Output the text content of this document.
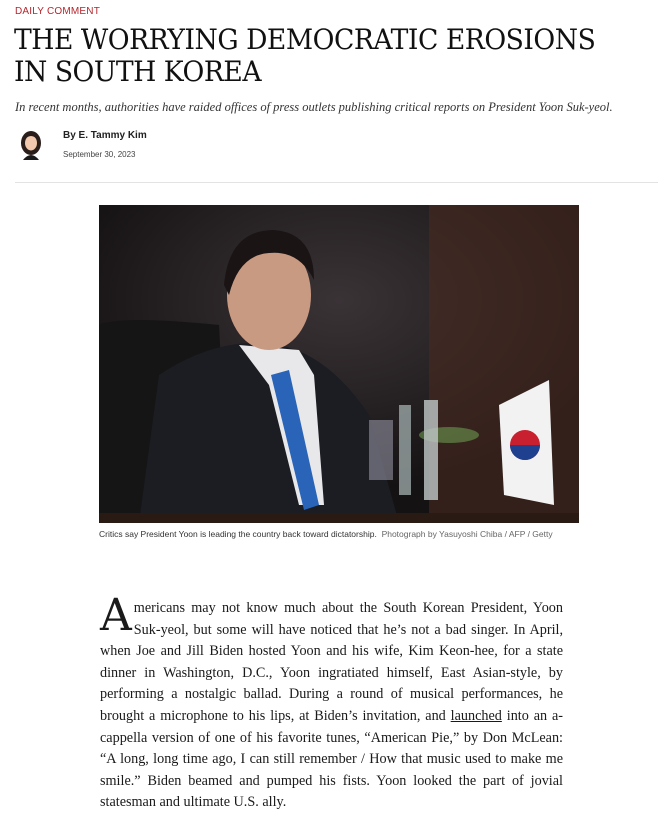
DAILY COMMENT
THE WORRYING DEMOCRATIC EROSIONS IN SOUTH KOREA
In recent months, authorities have raided offices of press outlets publishing critical reports on President Yoon Suk-yeol.
By E. Tammy Kim
September 30, 2023
Critics say President Yoon is leading the country back toward dictatorship. Photograph by Yasuyoshi Chiba / AFP / Getty
Americans may not know much about the South Korean President, Yoon Suk-yeol, but some will have noticed that he’s not a bad singer. In April, when Joe and Jill Biden hosted Yoon and his wife, Kim Keon-hee, for a state dinner in Washington, D.C., Yoon ingratiated himself, East Asian-style, by performing a nostalgic ballad. During a round of musical performances, he brought a microphone to his lips, at Biden’s invitation, and launched into an a-cappella version of one of his favorite tunes, “American Pie,” by Don McLean: “A long, long time ago, I can still remember / How that music used to make me smile.” Biden beamed and pumped his fists. Yoon looked the part of jovial statesman and ultimate U.S. ally.
